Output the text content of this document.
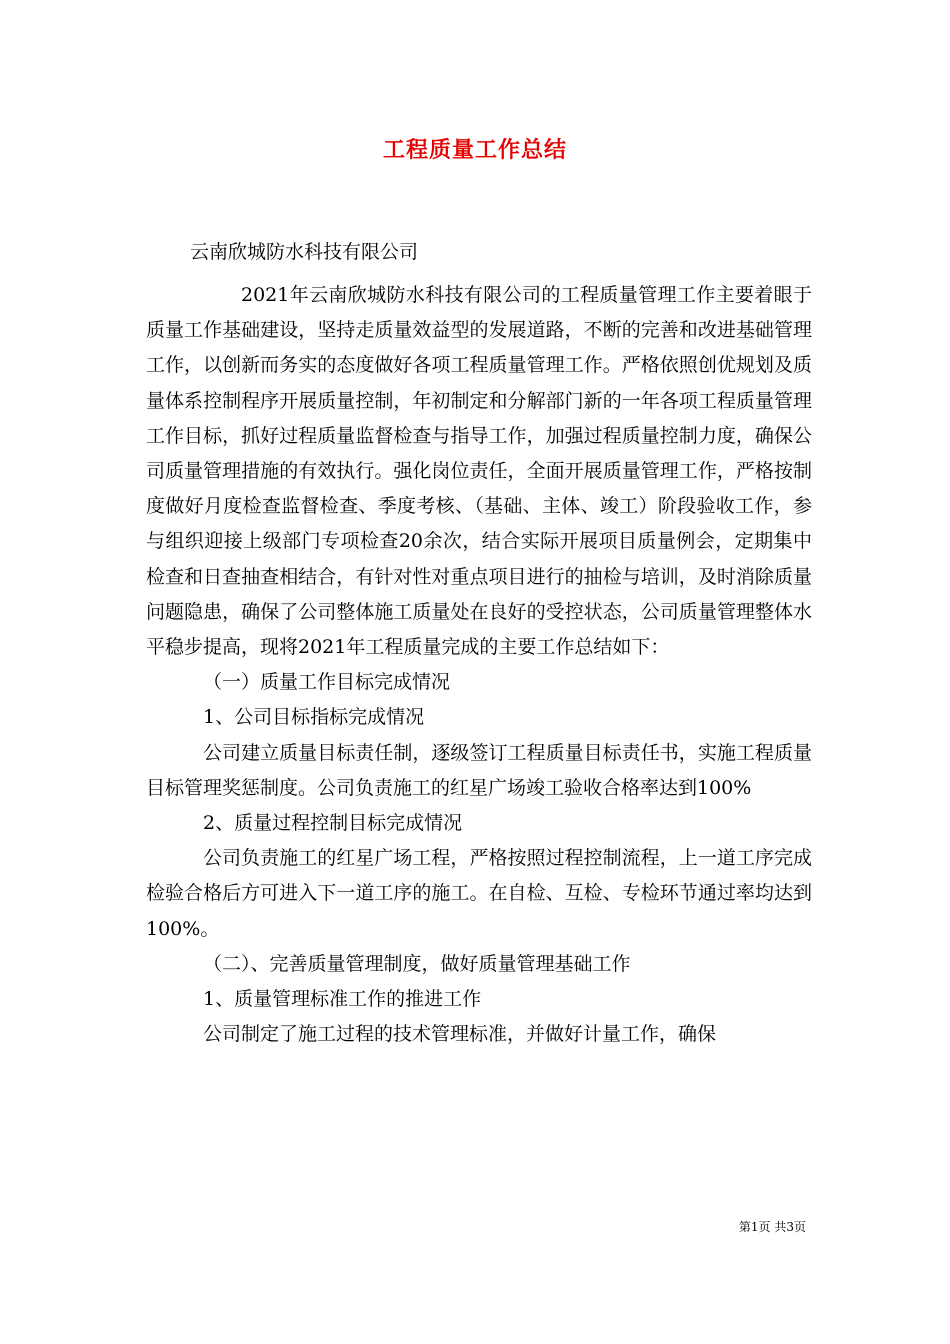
工程质量工作总结
云南欣城防水科技有限公司

2021年云南欣城防水科技有限公司的工程质量管理工作主要着眼于质量工作基础建设，坚持走质量效益型的发展道路，不断的完善和改进基础管理工作，以创新而务实的态度做好各项工程质量管理工作。严格依照创优规划及质量体系控制程序开展质量控制，年初制定和分解部门新的一年各项工程质量管理工作目标，抓好过程质量监督检查与指导工作，加强过程质量控制力度，确保公司质量管理措施的有效执行。强化岗位责任，全面开展质量管理工作，严格按制度做好月度检查监督检查、季度考核、（基础、主体、竣工）阶段验收工作，参与组织迎接上级部门专项检查20余次，结合实际开展项目质量例会，定期集中检查和日查抽查相结合，有针对性对重点项目进行的抽检与培训，及时消除质量问题隐患，确保了公司整体施工质量处在良好的受控状态，公司质量管理整体水平稳步提高，现将2021年工程质量完成的主要工作总结如下：

（一）质量工作目标完成情况

1、公司目标指标完成情况

公司建立质量目标责任制，逐级签订工程质量目标责任书，实施工程质量目标管理奖惩制度。公司负责施工的红星广场竣工验收合格率达到100%

2、质量过程控制目标完成情况

公司负责施工的红星广场工程，严格按照过程控制流程，上一道工序完成检验合格后方可进入下一道工序的施工。在自检、互检、专检环节通过率均达到100%。

（二）、完善质量管理制度，做好质量管理基础工作

1、质量管理标准工作的推进工作

公司制定了施工过程的技术管理标准，并做好计量工作，确保

第1页 共3页
